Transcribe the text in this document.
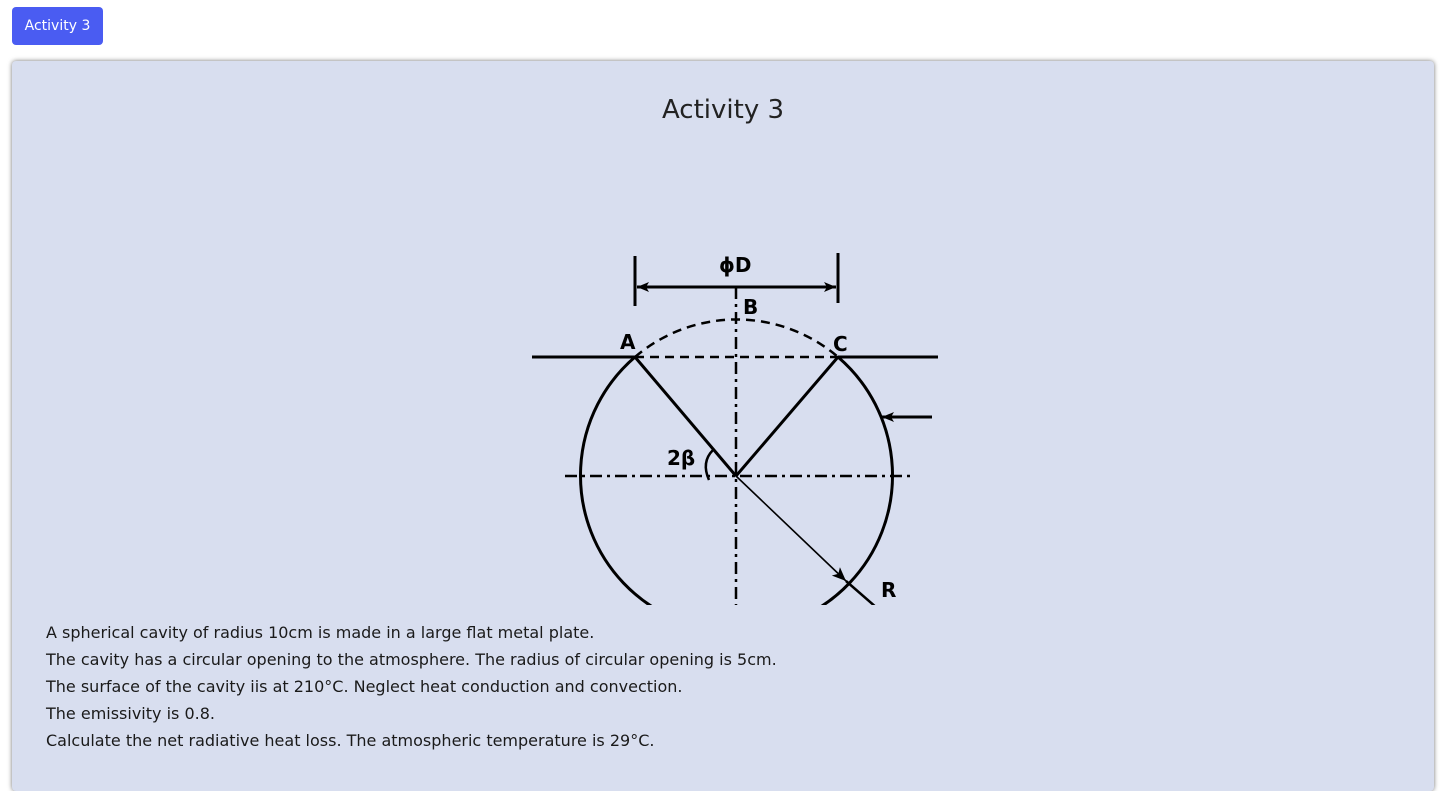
Activity 3
Activity 3
ϕD
B
A	C
2β
R
A spherical cavity of radius 10cm is made in a large flat metal plate.
The cavity has a circular opening to the atmosphere. The radius of circular opening is 5cm.
The surface of the cavity iis at 210°C. Neglect heat conduction and convection.
The emissivity is 0.8.
Calculate the net radiative heat loss. The atmospheric temperature is 29°C.
